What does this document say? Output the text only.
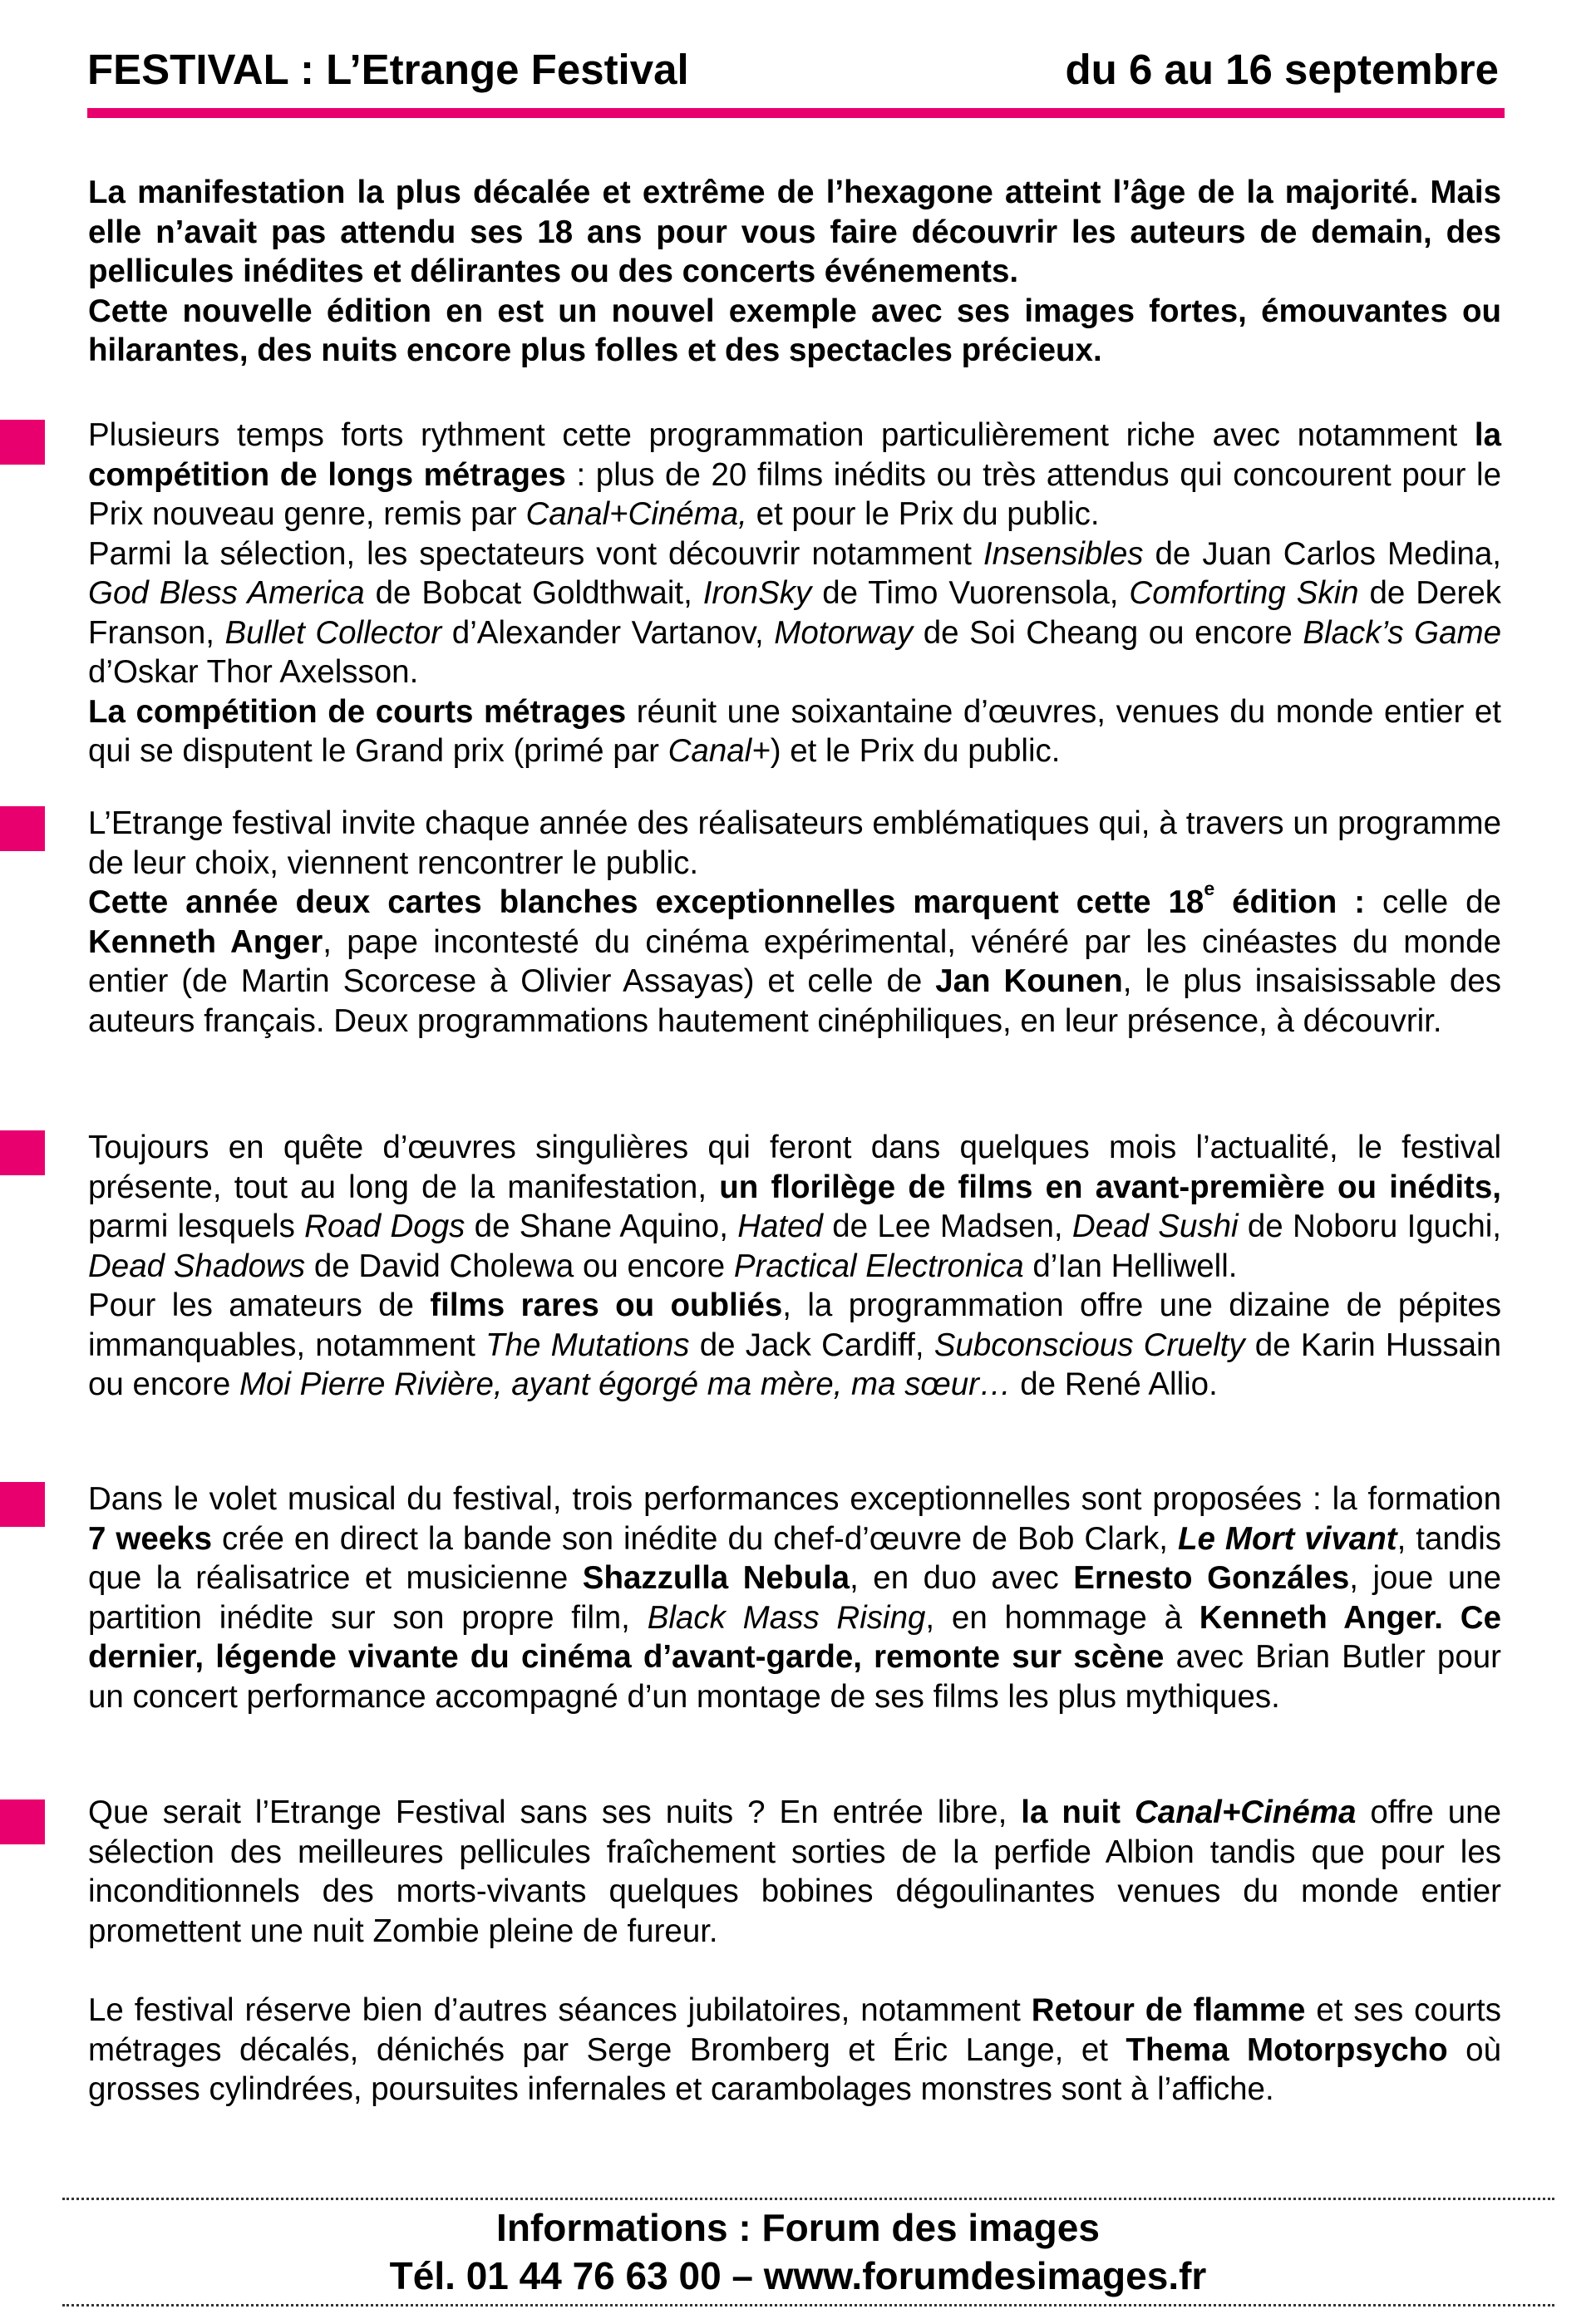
FESTIVAL : L’Etrange Festival	du 6 au 16 septembre

La manifestation la plus décalée et extrême de l’hexagone atteint l’âge de la majorité. Mais elle n’avait pas attendu ses 18 ans pour vous faire découvrir les auteurs de demain, des pellicules inédites et délirantes ou des concerts événements.

Cette nouvelle édition en est un nouvel exemple avec ses images fortes, émouvantes ou hilarantes, des nuits encore plus folles et des spectacles précieux.

Plusieurs temps forts rythment cette programmation particulièrement riche avec notamment la compétition de longs métrages : plus de 20 films inédits ou très attendus qui concourent pour le Prix nouveau genre, remis par Canal+Cinéma, et pour le Prix du public.

Parmi la sélection, les spectateurs vont découvrir notamment Insensibles de Juan Carlos Medina, God Bless America de Bobcat Goldthwait, IronSky de Timo Vuorensola, Comforting Skin de Derek Franson, Bullet Collector d’Alexander Vartanov, Motorway de Soi Cheang ou encore Black’s Game d’Oskar Thor Axelsson.

La compétition de courts métrages réunit une soixantaine d’œuvres, venues du monde entier et qui se disputent le Grand prix (primé par Canal+) et le Prix du public.

L’Etrange festival invite chaque année des réalisateurs emblématiques qui, à travers un programme de leur choix, viennent rencontrer le public.

Cette année deux cartes blanches exceptionnelles marquent cette 18e édition : celle de Kenneth Anger, pape incontesté du cinéma expérimental, vénéré par les cinéastes du monde entier (de Martin Scorcese à Olivier Assayas) et celle de Jan Kounen, le plus insaisissable des auteurs français. Deux programmations hautement cinéphiliques, en leur présence, à découvrir.

Toujours en quête d’œuvres singulières qui feront dans quelques mois l’actualité, le festival présente, tout au long de la manifestation, un florilège de films en avant-première ou inédits, parmi lesquels Road Dogs de Shane Aquino, Hated de Lee Madsen, Dead Sushi de Noboru Iguchi, Dead Shadows de David Cholewa ou encore Practical Electronica d’Ian Helliwell.

Pour les amateurs de films rares ou oubliés, la programmation offre une dizaine de pépites immanquables, notamment The Mutations de Jack Cardiff, Subconscious Cruelty de Karin Hussain ou encore Moi Pierre Rivière, ayant égorgé ma mère, ma sœur… de René Allio.

Dans le volet musical du festival, trois performances exceptionnelles sont proposées : la formation 7 weeks crée en direct la bande son inédite du chef-d’œuvre de Bob Clark, Le Mort vivant, tandis que la réalisatrice et musicienne Shazzulla Nebula, en duo avec Ernesto Gonzáles, joue une partition inédite sur son propre film, Black Mass Rising, en hommage à Kenneth Anger. Ce dernier, légende vivante du cinéma d’avant-garde, remonte sur scène avec Brian Butler pour un concert performance accompagné d’un montage de ses films les plus mythiques.

Que serait l’Etrange Festival sans ses nuits ? En entrée libre, la nuit Canal+Cinéma offre une sélection des meilleures pellicules fraîchement sorties de la perfide Albion tandis que pour les inconditionnels des morts-vivants quelques bobines dégoulinantes venues du monde entier promettent une nuit Zombie pleine de fureur.

Le festival réserve bien d’autres séances jubilatoires, notamment Retour de flamme et ses courts métrages décalés, dénichés par Serge Bromberg et Éric Lange, et Thema Motorpsycho où grosses cylindrées, poursuites infernales et carambolages monstres sont à l’affiche.

Informations : Forum des images
Tél. 01 44 76 63 00 – www.forumdesimages.fr
